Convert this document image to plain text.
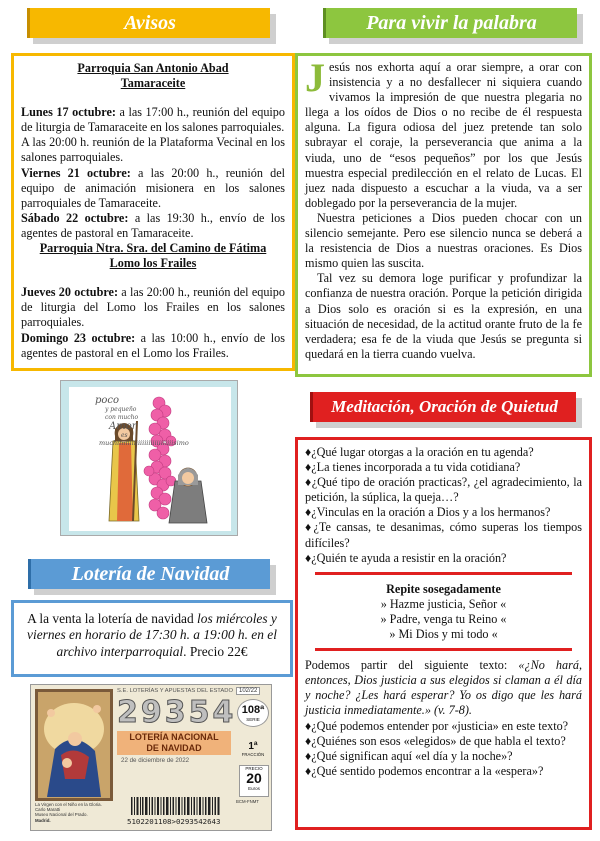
Avisos

Parroquia San Antonio Abad
Tamaraceite

Lunes 17 octubre: a las 17:00 h., reunión del equipo de liturgia de Tamaraceite en los salones parroquiales.

A las 20:00 h. reunión de la Plataforma Vecinal en los salones parroquiales.

Viernes 21 octubre: a las 20:00 h., reunión del equipo de animación misionera en los salones parroquiales de Tamaraceite.

Sábado 22 octubre: a las 19:30 h., envío de los agentes de pastoral en Tamaraceite.

Parroquia Ntra. Sra. del Camino de Fátima
Lomo los Frailes

Jueves 20 octubre: a las 20:00 h., reunión del equipo de liturgia del Lomo los Frailes en los salones parroquiales.

Domingo 23 octubre: a las 10:00 h., envío de los agentes de pastoral en el Lomo los Frailes.

Para vivir la palabra

Jesús nos exhorta aquí a orar siempre, a orar con insistencia y a no desfallecer ni siquiera cuando vivamos la impresión de que nuestra plegaria no llega a los oídos de Dios o no recibe de él respuesta alguna. La figura odiosa del juez pretende tan solo subrayar el coraje, la perseverancia que anima a la viuda, uno de “esos pequeños” por los que Jesús muestra especial predilección en el relato de Lucas. El juez nada dispuesto a escuchar a la viuda, va a ser doblegado por la perseverancia de la mujer.

Nuestra peticiones a Dios pueden chocar con un silencio semejante. Pero ese silencio nunca se deberá a la resistencia de Dios a nuestras oraciones. Es Dios mismo quien las suscita.

Tal vez su demora loge purificar y profundizar la confianza de nuestra oración. Porque la petición dirigida a Dios solo es oración si es la expresión, en una situación de necesidad, de la actitud orante fruto de la fe verdadera; esa fe de la viuda que Jesús se pregunta si quedará en la tierra cuando vuelva.

poco
y pequeño
con mucho
Amor
es
muchiiiiiiiiiiiiiiiiiiiiiiiiiiisimo
Lotería de Navidad

A la venta la lotería de navidad los miércoles y viernes en horario de 17:30 h. a 19:00 h. en el archivo interparroquial. Precio 22€

La Virgen con el Niño en la Gloria.
Carlo Maratti
Museo Nacional del Prado.
Madrid.
S.E. LOTERÍAS Y APUESTAS DEL ESTADO	102/22
29354 108ª
SERIE
LOTERÍA NACIONAL
DE NAVIDAD
22 de diciembre de 2022
1ª
FRACCIÓN
PRECIO
20
Euros
BCM-FNMT
5102201108>0293542643
Meditación, Oración de Quietud

♦¿Qué lugar otorgas a la oración en tu agenda?

♦¿La tienes incorporada a tu vida cotidiana?

♦¿Qué tipo de oración practicas?, ¿el agradecimiento, la petición, la súplica, la queja…?

♦¿Vinculas en la oración a Dios y a los hermanos?

♦¿Te cansas, te desanimas, cómo superas los tiempos difíciles?

♦¿Quién te ayuda a resistir en la oración?

Repite sosegadamente

» Hazme justicia, Señor «

» Padre, venga tu Reino «

» Mi Dios y mi todo «

Podemos partir del siguiente texto: «¿No hará, entonces, Dios justicia a sus elegidos si claman a él día y noche? ¿Les hará esperar? Yo os digo que les hará justicia inmediatamente.» (v. 7-8).

♦¿Qué podemos entender por «justicia» en este texto?

♦¿Quiénes son esos «elegidos» de que habla el texto?

♦¿Qué significan aquí «el día y la noche»?

♦¿Qué sentido podemos encontrar a la «espera»?
